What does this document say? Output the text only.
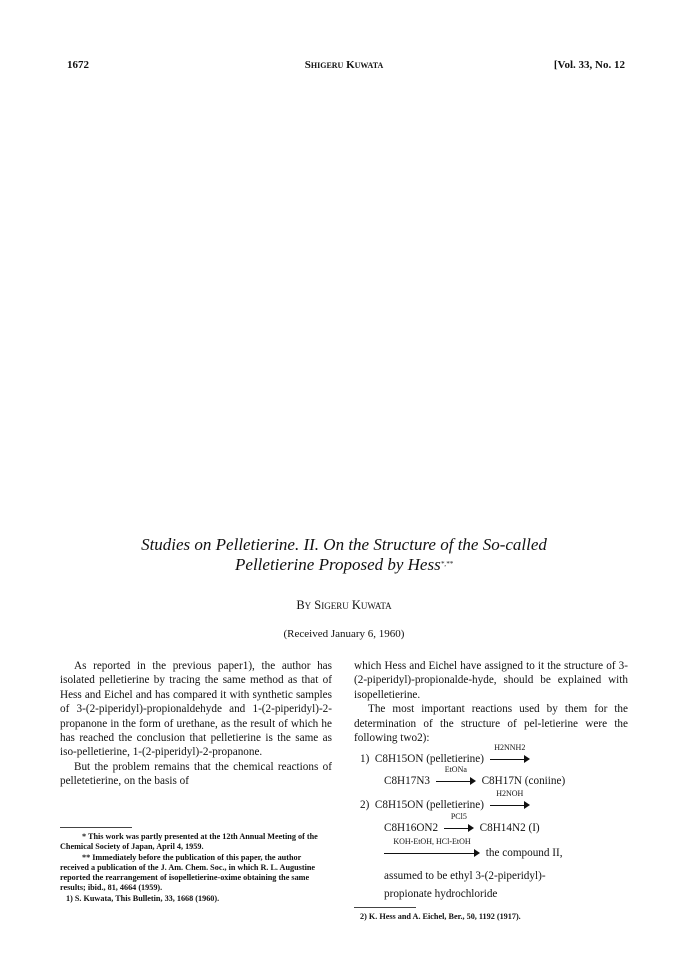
1672	Shigeru Kuwata	[Vol. 33, No. 12
Studies on Pelletierine. II. On the Structure of the So-called
Pelletierine Proposed by Hess*,**
By Sigeru Kuwata
(Received January 6, 1960)

As reported in the previous paper1), the author has isolated pelletierine by tracing the same method as that of Hess and Eichel and has compared it with synthetic samples of 3-(2-piperidyl)-propionaldehyde and 1-(2-piperidyl)-2-propanone in the form of urethane, as the result of which he has reached the conclusion that pelletierine is the same as iso-pelletierine, 1-(2-piperidyl)-2-propanone.

But the problem remains that the chemical reactions of pelletetierine, on the basis of

* This work was partly presented at the 12th Annual Meeting of the Chemical Society of Japan, April 4, 1959.

** Immediately before the publication of this paper, the author received a publication of the J. Am. Chem. Soc., in which R. L. Augustine reported the rearrangement of isopelletierine-oxime obtaining the same results; ibid., 81, 4664 (1959).

1) S. Kuwata, This Bulletin, 33, 1668 (1960).

which Hess and Eichel have assigned to it the structure of 3-(2-piperidyl)-propionalde-hyde, should be explained with isopelletierine.

The most important reactions used by them for the determination of the structure of pel-letierine were the following two2):

1) C8H15ON (pelletierine)
H2NNH2
C8H17N3
EtONa
C8H17N (coniine)
2) C8H15ON (pelletierine)
H2NOH
C8H16ON2
PCl5
C8H14N2 (I)
KOH-EtOH, HCl-EtOH
the compound II,
assumed to be ethyl 3-(2-piperidyl)-
propionate hydrochloride
2) K. Hess and A. Eichel, Ber., 50, 1192 (1917).
